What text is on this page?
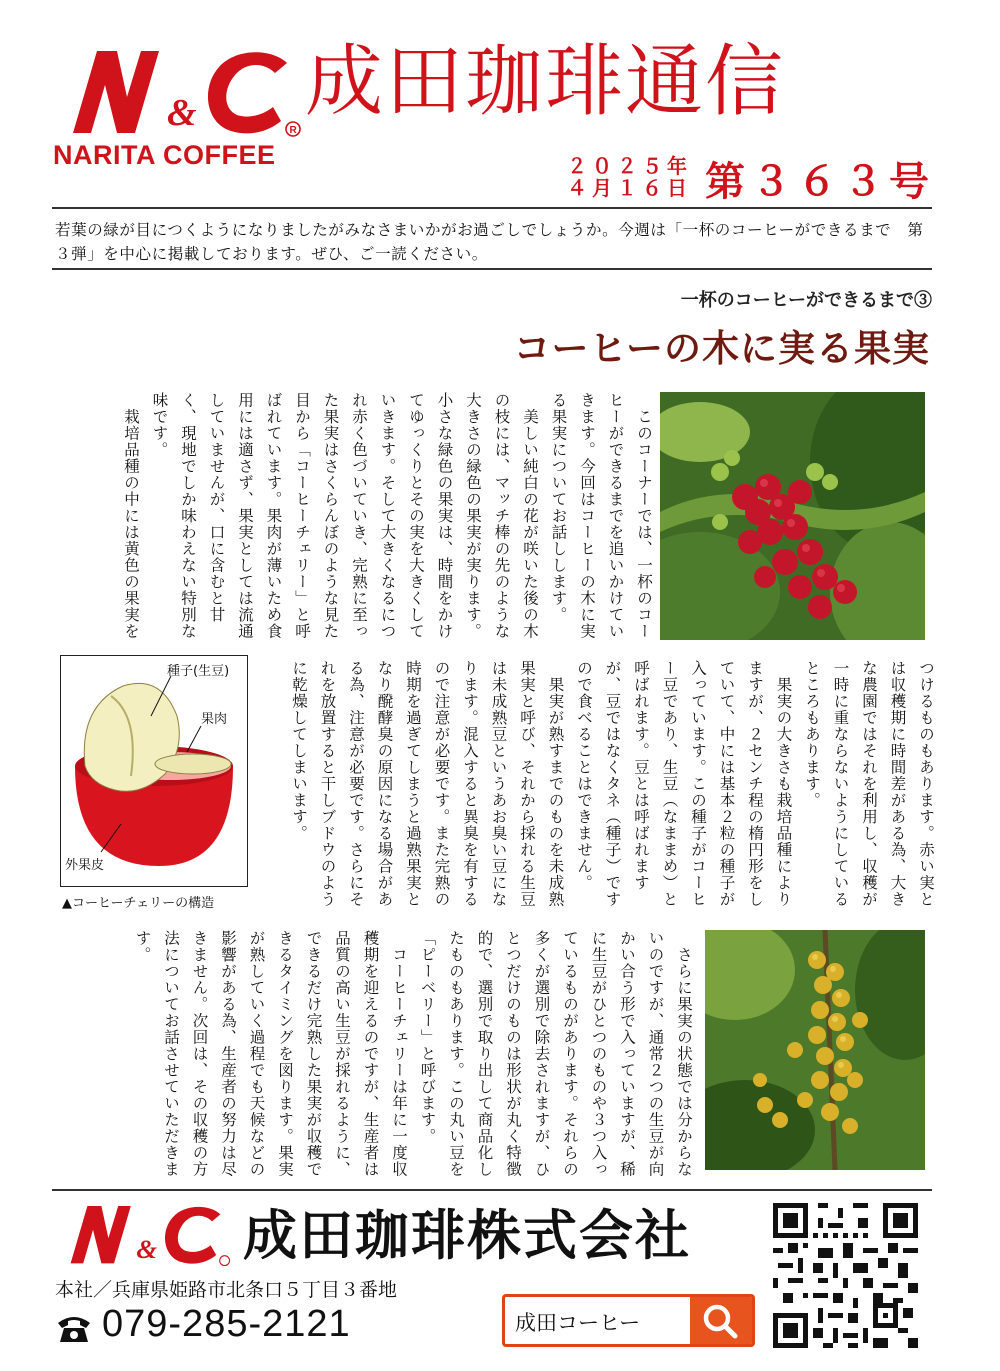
R
&
NARITA COFFEE
成田珈琲通信
２０２５年
４月１６日 第３６３号
若葉の緑が目につくようになりましたがみなさまいかがお過ごしでしょうか。今週は「一杯のコーヒーができるまで　第３弾」を中心に掲載しております。ぜひ、ご一読ください。
一杯のコーヒーができるまで③
コーヒーの木に実る果実

　このコーナーでは、一杯のコーヒーができるまでを追いかけていきます。今回はコーヒーの木に実る果実についてお話しします。

　美しい純白の花が咲いた後の木の枝には、マッチ棒の先のような大きさの緑色の果実が実ります。小さな緑色の果実は、時間をかけてゆっくりとその実を大きくしていきます。そして大きくなるにつれ赤く色づいていき、完熟に至った果実はさくらんぼのような見た目から「コーヒーチェリー」と呼ばれています。果肉が薄いため食用には適さず、果実としては流通していませんが、口に含むと甘く、現地でしか味わえない特別な味です。

　栽培品種の中には黄色の果実を

種子(生豆)
果肉
外果皮
▲コーヒーチェリーの構造	つけるものもあります。赤い実とは収穫期に時間差がある為、大きな農園ではそれを利用し、収穫が一時に重ならないようにしているところもあります。

　果実の大きさも栽培品種によりますが、２センチ程の楕円形をしていて、中には基本２粒の種子が入っています。この種子がコーヒー豆であり、生豆（なままめ）と呼ばれます。豆とは呼ばれますが、豆ではなくタネ（種子）ですので食べることはできません。

　果実が熟すまでのものを未成熟果実と呼び、それから採れる生豆は未成熟豆というあお臭い豆になります。混入すると異臭を有するので注意が必要です。また完熟の時期を過ぎてしまうと過熟果実となり醗酵臭の原因になる場合がある為、注意が必要です。さらにそれを放置すると干しブドウのように乾燥してしまいます。

　さらに果実の状態では分からないのですが、通常２つの生豆が向かい合う形で入っていますが、稀に生豆がひとつのものや３つ入っているものがあります。それらの多くが選別で除去されますが、ひとつだけのものは形状が丸く特徴的で、選別で取り出して商品化したものもあります。この丸い豆を「ピーベリー」と呼びます。

　コーヒーチェリーは年に一度収穫期を迎えるのですが、生産者は品質の高い生豆が採れるように、できるだけ完熟した果実が収穫できるタイミングを図ります。果実が熟していく過程でも天候などの影響がある為、生産者の努力は尽きません。次回は、その収穫の方法についてお話させていただきます。

& 成田珈琲株式会社
本社／兵庫県姫路市北条口５丁目３番地
079-285-2121	成田コーヒー
